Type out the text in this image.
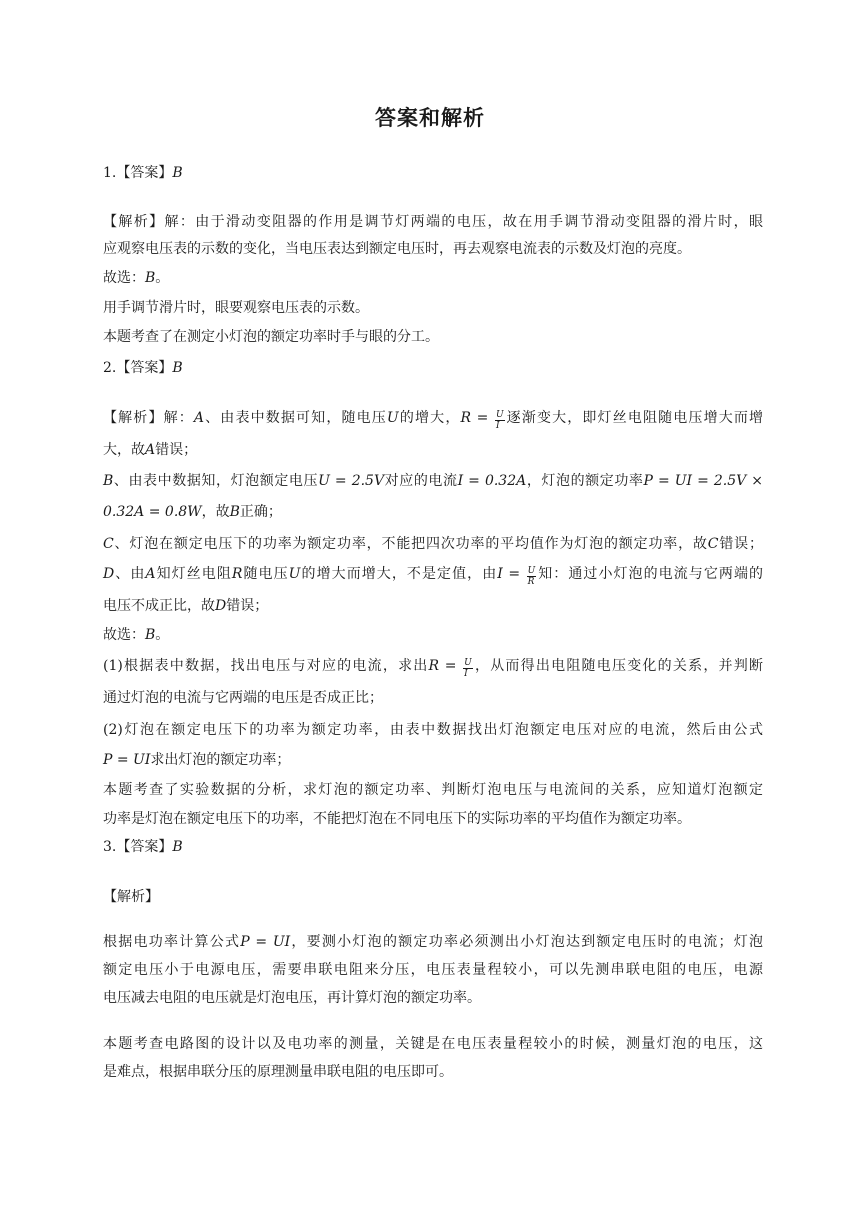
答案和解析
1.【答案】B
【解析】解：由于滑动变阻器的作用是调节灯两端的电压，故在用手调节滑动变阻器的滑片时，眼
应观察电压表的示数的变化，当电压表达到额定电压时，再去观察电流表的示数及灯泡的亮度。
故选：B。
用手调节滑片时，眼要观察电压表的示数。
本题考查了在测定小灯泡的额定功率时手与眼的分工。
2.【答案】B
【解析】解：A、由表中数据可知，随电压U的增大，$R = \frac{U}{I}$ 逐渐变大，即灯丝电阻随电压增大而增
大，故A错误；
B、由表中数据知，灯泡额定电压U = 2.5V对应的电流I = 0.32A，灯泡的额定功率P = UI = 2.5V ×
0.32A = 0.8W，故B正确；
C、灯泡在额定电压下的功率为额定功率，不能把四次功率的平均值作为灯泡的额定功率，故C错误；
D、由A知灯丝电阻R随电压U的增大而增大，不是定值，由$I = \frac{U}{R}$ 知：通过小灯泡的电流与它两端的
电压不成正比，故D错误；
故选：B。
(1)根据表中数据，找出电压与对应的电流，求出$R = \frac{U}{I}$ ，从而得出电阻随电压变化的关系，并判断
通过灯泡的电流与它两端的电压是否成正比；
(2)灯泡在额定电压下的功率为额定功率，由表中数据找出灯泡额定电压对应的电流，然后由公式
P = UI求出灯泡的额定功率；
本题考查了实验数据的分析，求灯泡的额定功率、判断灯泡电压与电流间的关系，应知道灯泡额定
功率是灯泡在额定电压下的功率，不能把灯泡在不同电压下的实际功率的平均值作为额定功率。
3.【答案】B
【解析】
根据电功率计算公式P = UI，要测小灯泡的额定功率必须测出小灯泡达到额定电压时的电流；灯泡
额定电压小于电源电压，需要串联电阻来分压，电压表量程较小，可以先测串联电阻的电压，电源
电压减去电阻的电压就是灯泡电压，再计算灯泡的额定功率。
本题考查电路图的设计以及电功率的测量，关键是在电压表量程较小的时候，测量灯泡的电压，这
是难点，根据串联分压的原理测量串联电阻的电压即可。
